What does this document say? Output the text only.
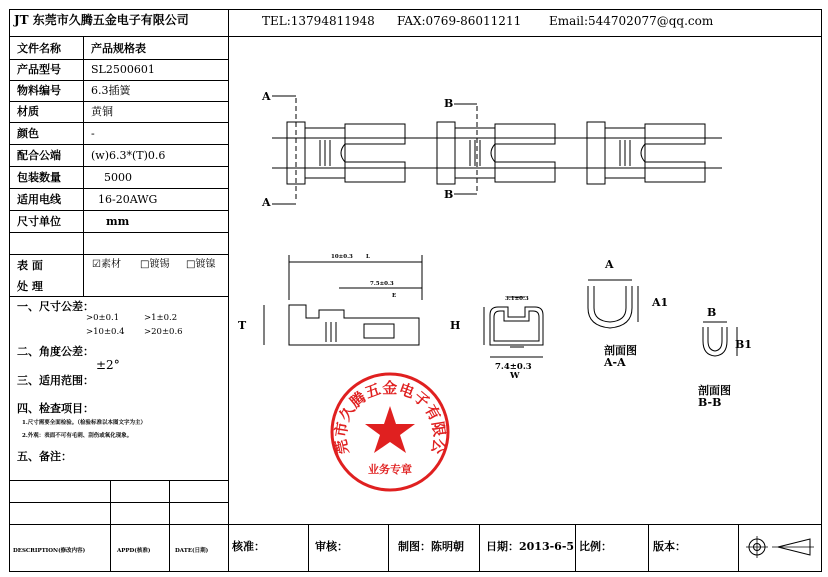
JT 东莞市久腾五金电子有限公司	TEL:13794811948 FAX:0769-86011211 Email:544702077@qq.com
文件名称	产品规格表
产品型号	SL2500601
物料编号	6.3插簧
材质	黄铜
颜色	-
配合公端	(w)6.3*(T)0.6
包装数量	5000
适用电线	16-20AWG
尺寸单位	mm
表 面
处 理
☑素材 □镀锡 □镀镍
一、尺寸公差：
>0±0.1	>1±0.2
>10±0.4 >20±0.6
二、角度公差：
±2°
三、适用范围：
四、检查项目：
1.尺寸需要全面检验。（检验标准以本图文字为主）
2.外观：表面不可有毛刺、刮伤或氧化现象。
五、备注：
DESCRIPTION(修改内容)	APPD(核准)	DATE(日期) 核准：	审核：	制图：陈明朝 日期：2013-6-5 比例：	版本：
A
A
B
B
T
10±0.3 L
7.5±0.3
E
H
3.1±0.3
7.4±0.3
W
A
A1
剖面图
A-A
B
B1
剖面图
B-B
东莞市久腾五金电子有限公司
业务专章
